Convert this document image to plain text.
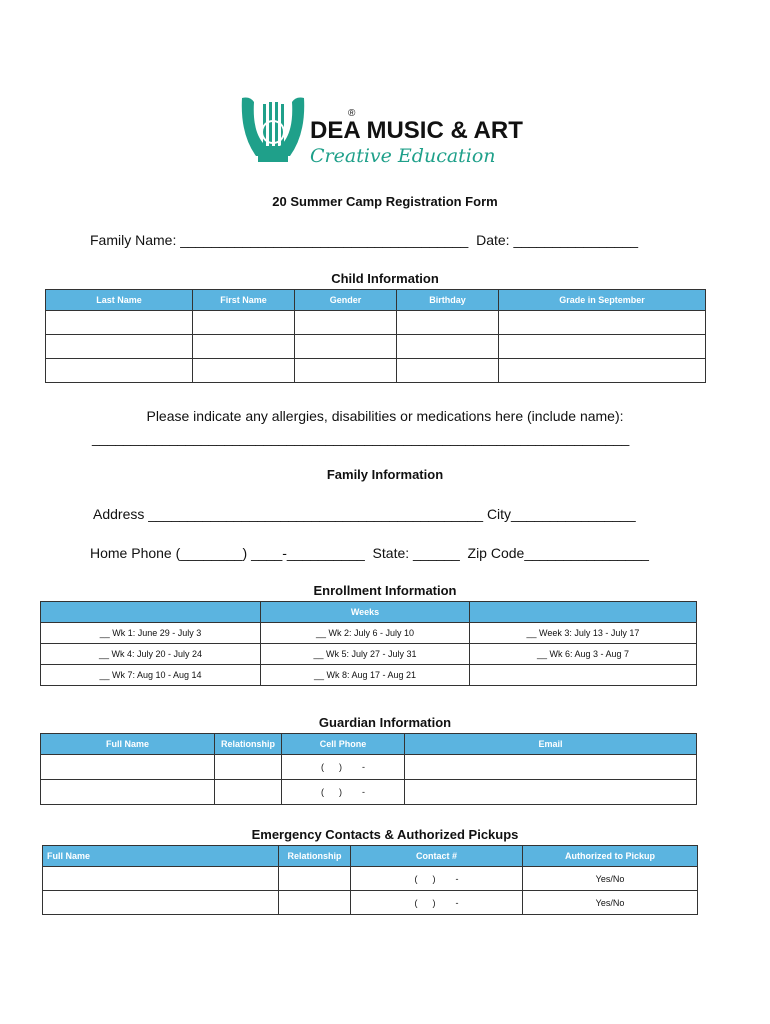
DEA MUSIC & ART
®
Creative Education
20 Summer Camp Registration Form
Family Name: _____________________________________  Date: ________________
Child Information
Last Name	First Name	Gender	Birthday	Grade in September

Please indicate any allergies, disabilities or medications here (include name):
_____________________________________________________________________
Family Information
Address ___________________________________________ City________________
Home Phone (________) ____-__________  State: ______  Zip Code________________
Enrollment Information
	Weeks	
__ Wk 1: June 29 - July 3	__ Wk 2: July 6 - July 10	__ Week 3: July 13 - July 17
__ Wk 4: July 20 - July 24	__ Wk 5: July 27 - July 31	__ Wk 6: Aug 3 - Aug 7
__ Wk 7: Aug 10 - Aug 14	__ Wk 8: Aug 17 - Aug 21	
Guardian Information
Full Name	Relationship	Cell Phone	Email
		(      )        -	
		(      )        -	
Emergency Contacts & Authorized Pickups
Full Name	Relationship	Contact #	Authorized to Pickup
		(      )        -	Yes/No
		(      )        -	Yes/No
